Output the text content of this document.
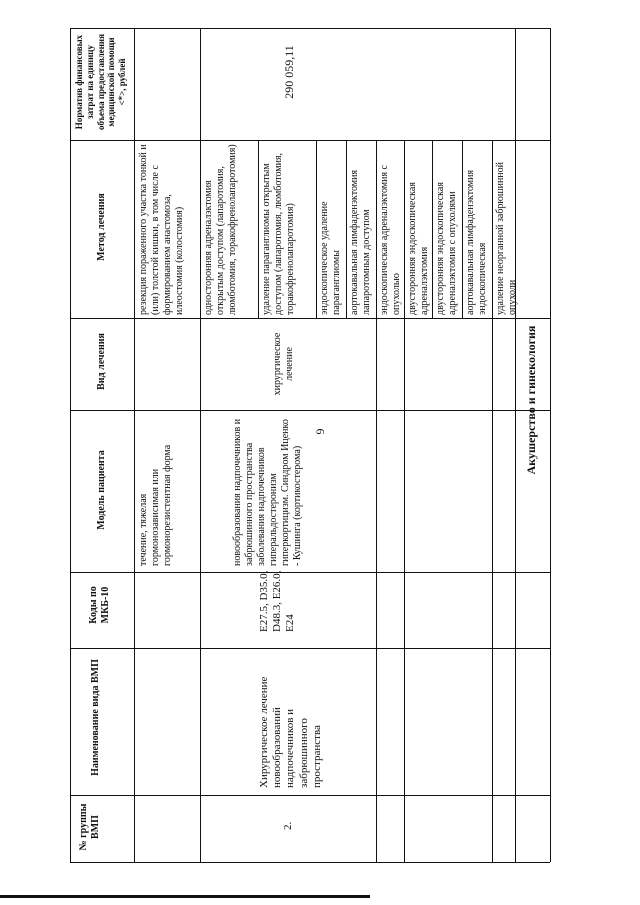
6
№ группы ВМП
Наименование вида ВМП
Коды по МКБ-10
Модель пациента
Вид лечения
Метод лечения
Норматив финансовых затрат на единицу объема предоставления медицинской помощи <*>, рублей
течение, тяжелая гормонозависимая или гормонорезистентная форма
резекция пораженного участка тонкой и (или) толстой кишки, в том числе с формированием анастомоза, илеостомия (колостомия)
2.
Хирургическое лечение новообразований надпочечников и забрюшинного пространства
E27.5, D35.0, D48.3, E26.0, E24
новообразования надпочечников и забрюшинного пространства заболевания надпочечников гиперальдостеронизм гиперкортицизм. Синдром Иценко - Кушинга (кортикостерома)
хирургическое лечение
290 059,11
односторонняя адреналэктомия открытым доступом (лапаротомия, люмботомия, торакофренолапаротомия) удаление параганглиомы открытым доступом (лапаротомия, люмботомия, торакофренолапаротомия) эндоскопическое удаление параганглиомы аортокавальная лимфаденэктомия лапаротомным доступом эндоскопическая адреналэктомия с опухолью двусторонняя эндоскопическая адреналэктомия двусторонняя эндоскопическая адреналэктомия с опухолями аортокавальная лимфаденэктомия эндоскопическая удаление неорганной забрюшинной опухоли
Акушерство и гинекология
